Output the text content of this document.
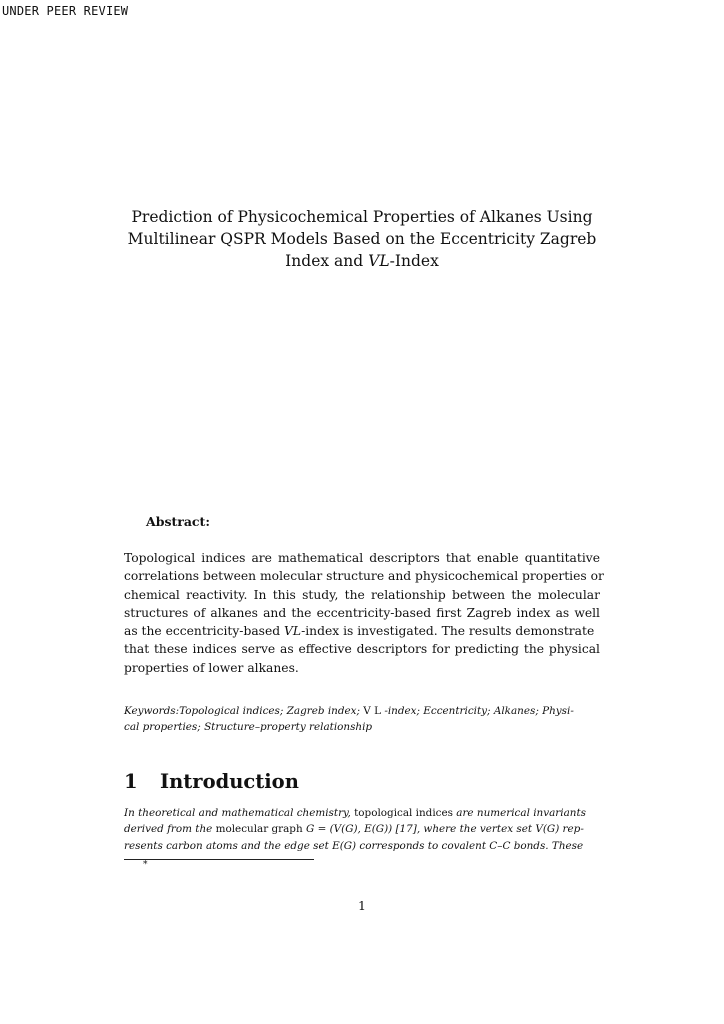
UNDER PEER REVIEW
Prediction of Physicochemical Properties of Alkanes Using
Multilinear QSPR Models Based on the Eccentricity Zagreb
Index and VL-Index
Abstract:
Topological indices are mathematical descriptors that enable quantitative
correlations between molecular structure and physicochemical properties or
chemical reactivity. In this study, the relationship between the molecular
structures of alkanes and the eccentricity-based first Zagreb index as well
as the eccentricity-based VL-index is investigated. The results demonstrate
that these indices serve as effective descriptors for predicting the physical
properties of lower alkanes.
Keywords:Topological indices; Zagreb index; V L -index; Eccentricity; Alkanes; Physi-
cal properties; Structure–property relationship
1 Introduction
In theoretical and mathematical chemistry, topological indices are numerical invariants
derived from the molecular graph G = (V(G), E(G)) [17], where the vertex set V(G) rep-
resents carbon atoms and the edge set E(G) corresponds to covalent C–C bonds. These
*
1
